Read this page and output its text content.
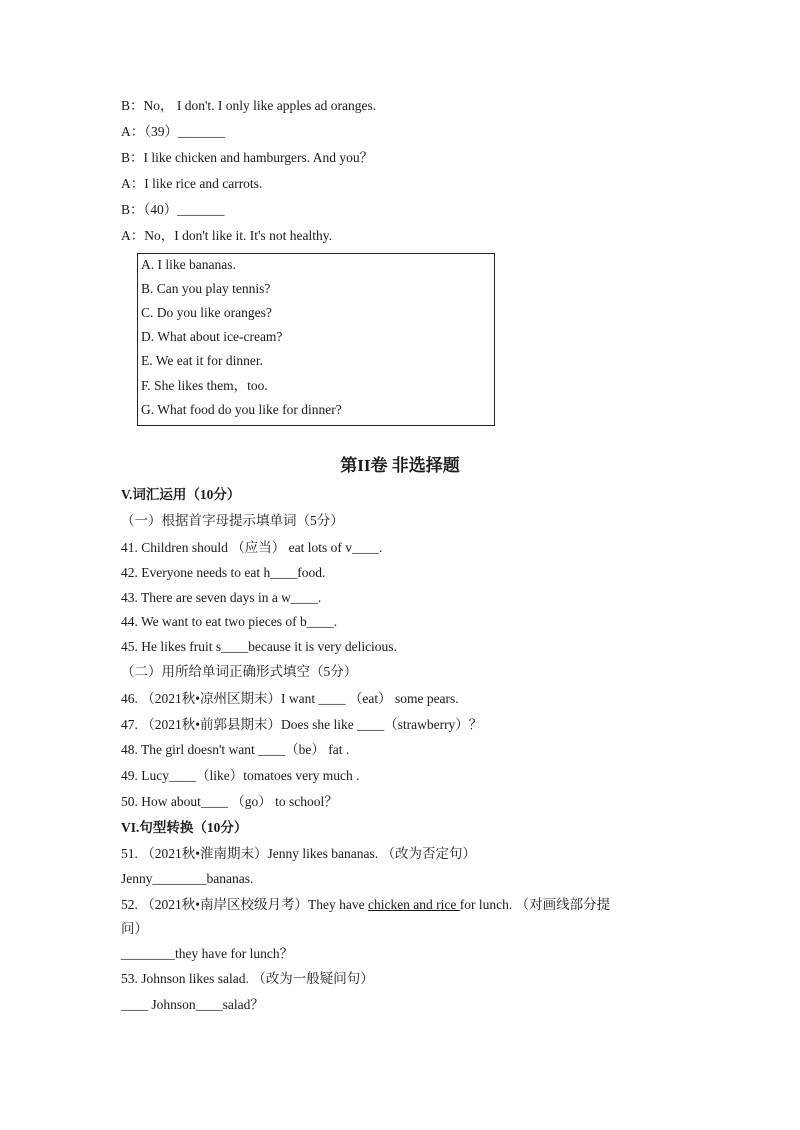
B：No， I don't. I only like apples ad oranges.
A：（39）_______
B：I like chicken and hamburgers. And you？
A：I like rice and carrots.
B：（40）_______
A：No，I don't like it. It's not healthy.
A. I like bananas.
B. Can you play tennis?
C. Do you like oranges?
D. What about ice-cream?
E. We eat it for dinner.
F. She likes them，too.
G. What food do you like for dinner?
第II卷 非选择题
V.词汇运用（10分）
（一）根据首字母提示填单词（5分）
41. Children should （应当） eat lots of v____.
42. Everyone needs to eat h____food.
43. There are seven days in a w____.
44. We want to eat two pieces of b____.
45. He likes fruit s____because it is very delicious.
（二）用所给单词正确形式填空（5分）
46. （2021秋•凉州区期末）I want ____ （eat） some pears.
47. （2021秋•前郭县期末）Does she like ____（strawberry）？
48. The girl doesn't want ____（be） fat .
49. Lucy____（like）tomatoes very much .
50. How about____ （go） to school？
VI.句型转换（10分）
51. （2021秋•淮南期末）Jenny likes bananas. （改为否定句）
Jenny________bananas.
52. （2021秋•南岸区校级月考）They have chicken and rice for lunch. （对画线部分提
问）
________they have for lunch？
53. Johnson likes salad. （改为一般疑问句）
____ Johnson____salad？
